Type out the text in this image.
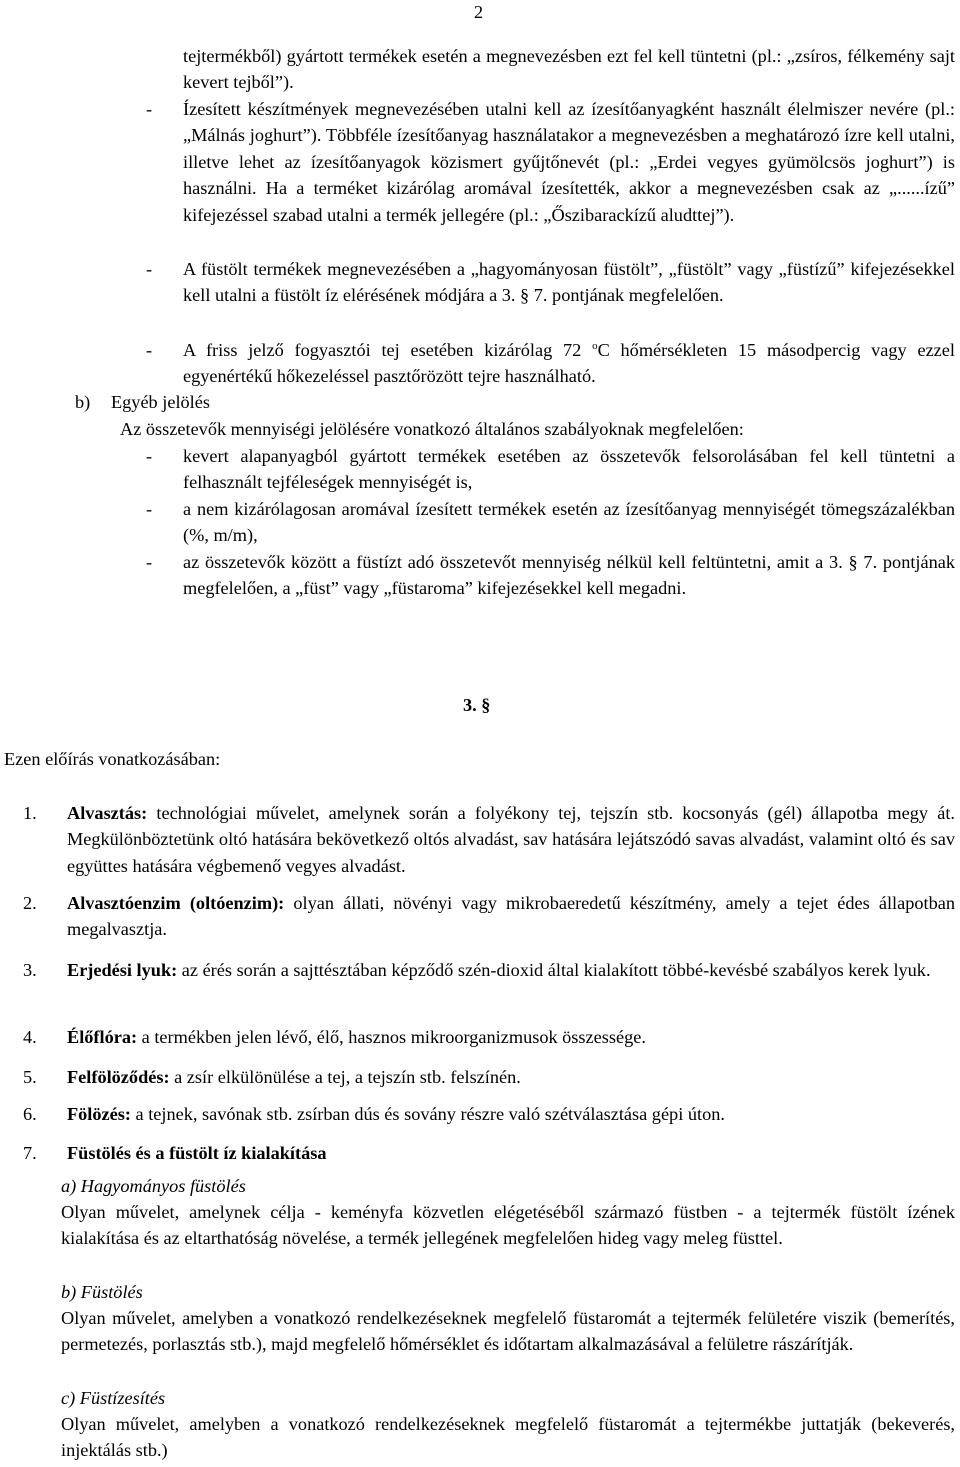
2
tejtermékből) gyártott termékek esetén a megnevezésben ezt fel kell tüntetni (pl.: „zsíros, félkemény sajt kevert tejből”).
- Ízesített készítmények megnevezésében utalni kell az ízesítőanyagként használt élelmiszer nevére (pl.: „Málnás joghurt”). Többféle ízesítőanyag használatakor a megnevezésben a meghatározó ízre kell utalni, illetve lehet az ízesítőanyagok közismert gyűjtőnevét (pl.: „Erdei vegyes gyümölcsös joghurt”) is használni. Ha a terméket kizárólag aromával ízesítették, akkor a megnevezésben csak az „......ízű” kifejezéssel szabad utalni a termék jellegére (pl.: „Őszibarackízű aludttej”).
- A füstölt termékek megnevezésében a „hagyományosan füstölt”, „füstölt” vagy „füstízű” kifejezésekkel kell utalni a füstölt íz elérésének módjára a 3. § 7. pontjának megfelelően.
- A friss jelző fogyasztói tej esetében kizárólag 72 $^o$C hőmérsékleten 15 másodpercig vagy ezzel egyenértékű hőkezeléssel pasztőrözött tejre használható.
b) Egyéb jelölés
Az összetevők mennyiségi jelölésére vonatkozó általános szabályoknak megfelelően:
- kevert alapanyagból gyártott termékek esetében az összetevők felsorolásában fel kell tüntetni a felhasznált tejféleségek mennyiségét is,
- a nem kizárólagosan aromával ízesített termékek esetén az ízesítőanyag mennyiségét tömegszázalékban (%, m/m),
- az összetevők között a füstízt adó összetevőt mennyiség nélkül kell feltüntetni, amit a 3. § 7. pontjának megfelelően, a „füst” vagy „füstaroma” kifejezésekkel kell megadni.
3. §
Ezen előírás vonatkozásában:
1. Alvasztás: technológiai művelet, amelynek során a folyékony tej, tejszín stb. kocsonyás (gél) állapotba megy át. Megkülönböztetünk oltó hatására bekövetkező oltós alvadást, sav hatására lejátszódó savas alvadást, valamint oltó és sav együttes hatására végbemenő vegyes alvadást.
2. Alvasztóenzim (oltóenzim): olyan állati, növényi vagy mikrobaeredetű készítmény, amely a tejet édes állapotban megalvasztja.
3. Erjedési lyuk: az érés során a sajttésztában képződő szén-dioxid által kialakított többé-kevésbé szabályos kerek lyuk.
4. Élőflóra: a termékben jelen lévő, élő, hasznos mikroorganizmusok összessége.
5. Felfölöződés: a zsír elkülönülése a tej, a tejszín stb. felszínén.
6. Fölözés: a tejnek, savónak stb. zsírban dús és sovány részre való szétválasztása gépi úton.
7. Füstölés és a füstölt íz kialakítása
a) Hagyományos füstölés
Olyan művelet, amelynek célja - keményfa közvetlen elégetéséből származó füstben - a tejtermék füstölt ízének kialakítása és az eltarthatóság növelése, a termék jellegének megfelelően hideg vagy meleg füsttel.
b) Füstölés
Olyan művelet, amelyben a vonatkozó rendelkezéseknek megfelelő füstaromát a tejtermék felületére viszik (bemerítés, permetezés, porlasztás stb.), majd megfelelő hőmérséklet és időtartam alkalmazásával a felületre rászárítják.
c) Füstízesítés
Olyan művelet, amelyben a vonatkozó rendelkezéseknek megfelelő füstaromát a tejtermékbe juttatják (bekeverés, injektálás stb.)
